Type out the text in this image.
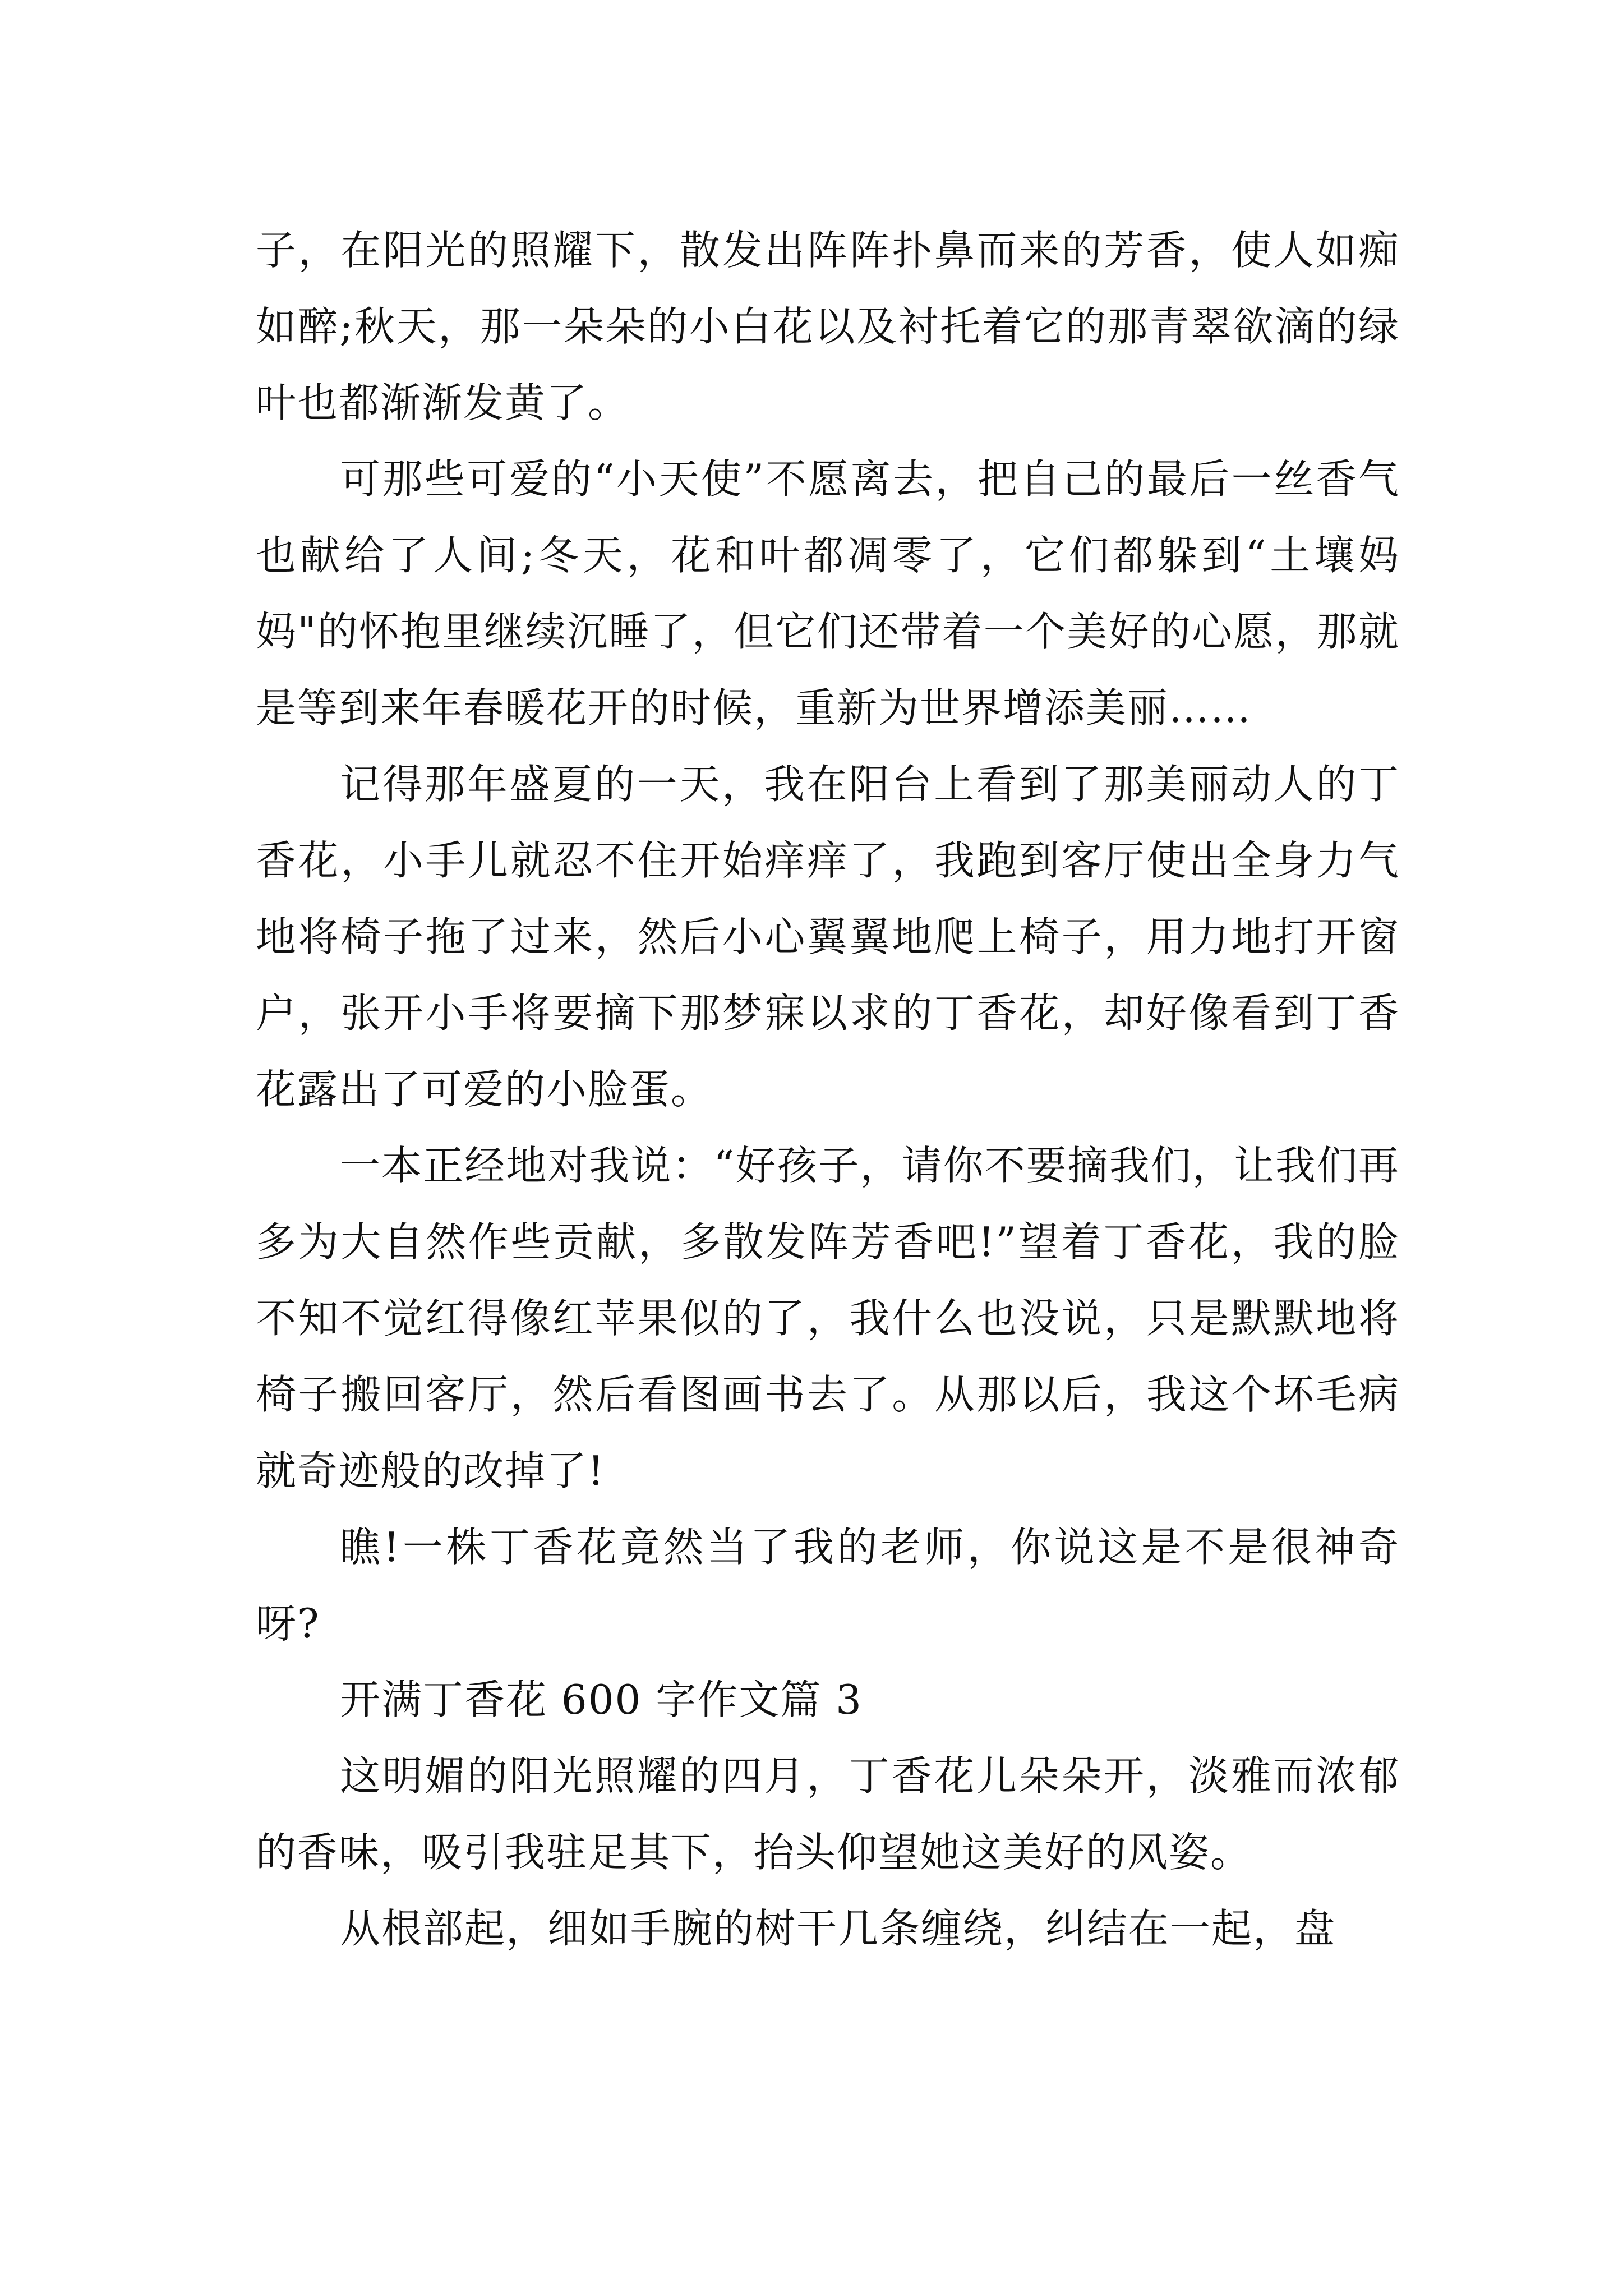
子，在阳光的照耀下，散发出阵阵扑鼻而来的芳香，使人如痴如醉;秋天，那一朵朵的小白花以及衬托着它的那青翠欲滴的绿叶也都渐渐发黄了。

可那些可爱的“小天使”不愿离去，把自己的最后一丝香气也献给了人间;冬天，花和叶都凋零了，它们都躲到“土壤妈妈"的怀抱里继续沉睡了，但它们还带着一个美好的心愿，那就是等到来年春暖花开的时候，重新为世界增添美丽……

记得那年盛夏的一天，我在阳台上看到了那美丽动人的丁香花，小手儿就忍不住开始痒痒了，我跑到客厅使出全身力气地将椅子拖了过来，然后小心翼翼地爬上椅子，用力地打开窗户，张开小手将要摘下那梦寐以求的丁香花，却好像看到丁香花露出了可爱的小脸蛋。

一本正经地对我说：“好孩子，请你不要摘我们，让我们再多为大自然作些贡献，多散发阵芳香吧!”望着丁香花，我的脸不知不觉红得像红苹果似的了，我什么也没说，只是默默地将椅子搬回客厅，然后看图画书去了。从那以后，我这个坏毛病就奇迹般的改掉了!

瞧!一株丁香花竟然当了我的老师，你说这是不是很神奇呀?

开满丁香花 600 字作文篇 3

这明媚的阳光照耀的四月，丁香花儿朵朵开，淡雅而浓郁的香味，吸引我驻足其下，抬头仰望她这美好的风姿。

从根部起，细如手腕的树干几条缠绕，纠结在一起，盘
